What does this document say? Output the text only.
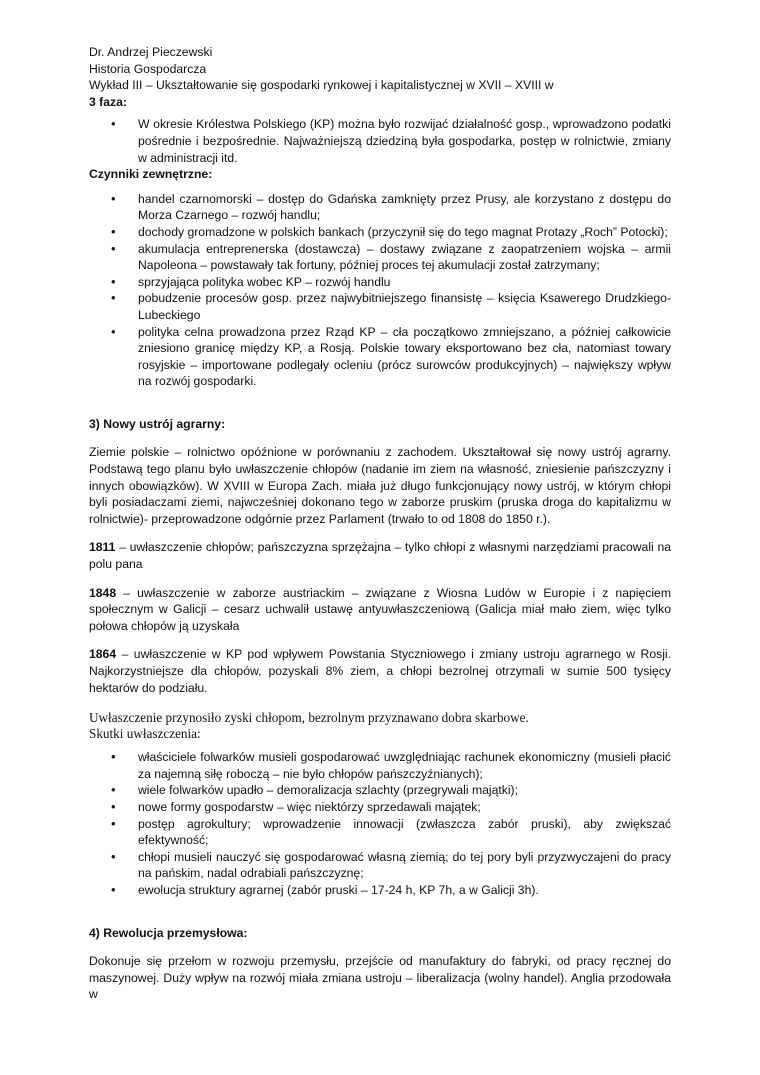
Dr. Andrzej Pieczewski

Historia Gospodarcza

Wykład III – Ukształtowanie się gospodarki rynkowej i kapitalistycznej w XVII – XVIII w

3 faza:

• W okresie Królestwa Polskiego (KP) można było rozwijać działalność gosp., wprowadzono podatki pośrednie i bezpośrednie. Najważniejszą dziedziną była gospodarka, postęp w rolnictwie, zmiany w administracji itd.

Czynniki zewnętrzne:

• handel czarnomorski – dostęp do Gdańska zamknięty przez Prusy, ale korzystano z dostępu do Morza Czarnego – rozwój handlu;
• dochody gromadzone w polskich bankach (przyczynił się do tego magnat Protazy „Roch” Potocki);
• akumulacja entreprenerska (dostawcza) – dostawy związane z zaopatrzeniem wojska – armii Napoleona – powstawały tak fortuny, później proces tej akumulacji został zatrzymany;
• sprzyjająca polityka wobec KP – rozwój handlu
• pobudzenie procesów gosp. przez najwybitniejszego finansistę – księcia Ksawerego Drudzkiego-Lubeckiego
• polityka celna prowadzona przez Rząd KP – cła początkowo zmniejszano, a później całkowicie zniesiono granicę między KP, a Rosją. Polskie towary eksportowano bez cła, natomiast towary rosyjskie – importowane podlegały ocleniu (prócz surowców produkcyjnych) – największy wpływ na rozwój gospodarki.

3) Nowy ustrój agrarny:

Ziemie polskie – rolnictwo opóźnione w porównaniu z zachodem. Ukształtował się nowy ustrój agrarny. Podstawą tego planu było uwłaszczenie chłopów (nadanie im ziem na własność, zniesienie pańszczyzny i innych obowiązków). W XVIII w Europa Zach. miała już długo funkcjonujący nowy ustrój, w którym chłopi byli posiadaczami ziemi, najwcześniej dokonano tego w zaborze pruskim (pruska droga do kapitalizmu w rolnictwie)- przeprowadzone odgórnie przez Parlament (trwało to od 1808 do 1850 r.).

1811 – uwłaszczenie chłopów; pańszczyzna sprzężajna – tylko chłopi z własnymi narzędziami pracowali na polu pana

1848 – uwłaszczenie w zaborze austriackim – związane z Wiosna Ludów w Europie i z napięciem społecznym w Galicji – cesarz uchwalił ustawę antyuwłaszczeniową (Galicja miał mało ziem, więc tylko połowa chłopów ją uzyskała

1864 – uwłaszczenie w KP pod wpływem Powstania Styczniowego i zmiany ustroju agrarnego w Rosji. Najkorzystniejsze dla chłopów, pozyskali 8% ziem, a chłopi bezrolnej otrzymali w sumie 500 tysięcy hektarów do podziału.

Uwłaszczenie przynosiło zyski chłopom, bezrolnym przyznawano dobra skarbowe.

Skutki uwłaszczenia:

• właściciele folwarków musieli gospodarować uwzględniając rachunek ekonomiczny (musieli płacić za najemną siłę roboczą – nie było chłopów pańszczyźnianych);
• wiele folwarków upadło – demoralizacja szlachty (przegrywali majątki);
• nowe formy gospodarstw – więc niektórzy sprzedawali majątek;
• postęp agrokultury; wprowadzenie innowacji (zwłaszcza zabór pruski), aby zwiększać efektywność;
• chłopi musieli nauczyć się gospodarować własną ziemią; do tej pory byli przyzwyczajeni do pracy na pańskim, nadal odrabiali pańszczyznę;
• ewolucja struktury agrarnej (zabór pruski – 17-24 h, KP 7h, a w Galicji 3h).

4) Rewolucja przemysłowa:

Dokonuje się przełom w rozwoju przemysłu, przejście od manufaktury do fabryki, od pracy ręcznej do maszynowej. Duży wpływ na rozwój miała zmiana ustroju – liberalizacja (wolny handel). Anglia przodowała w
